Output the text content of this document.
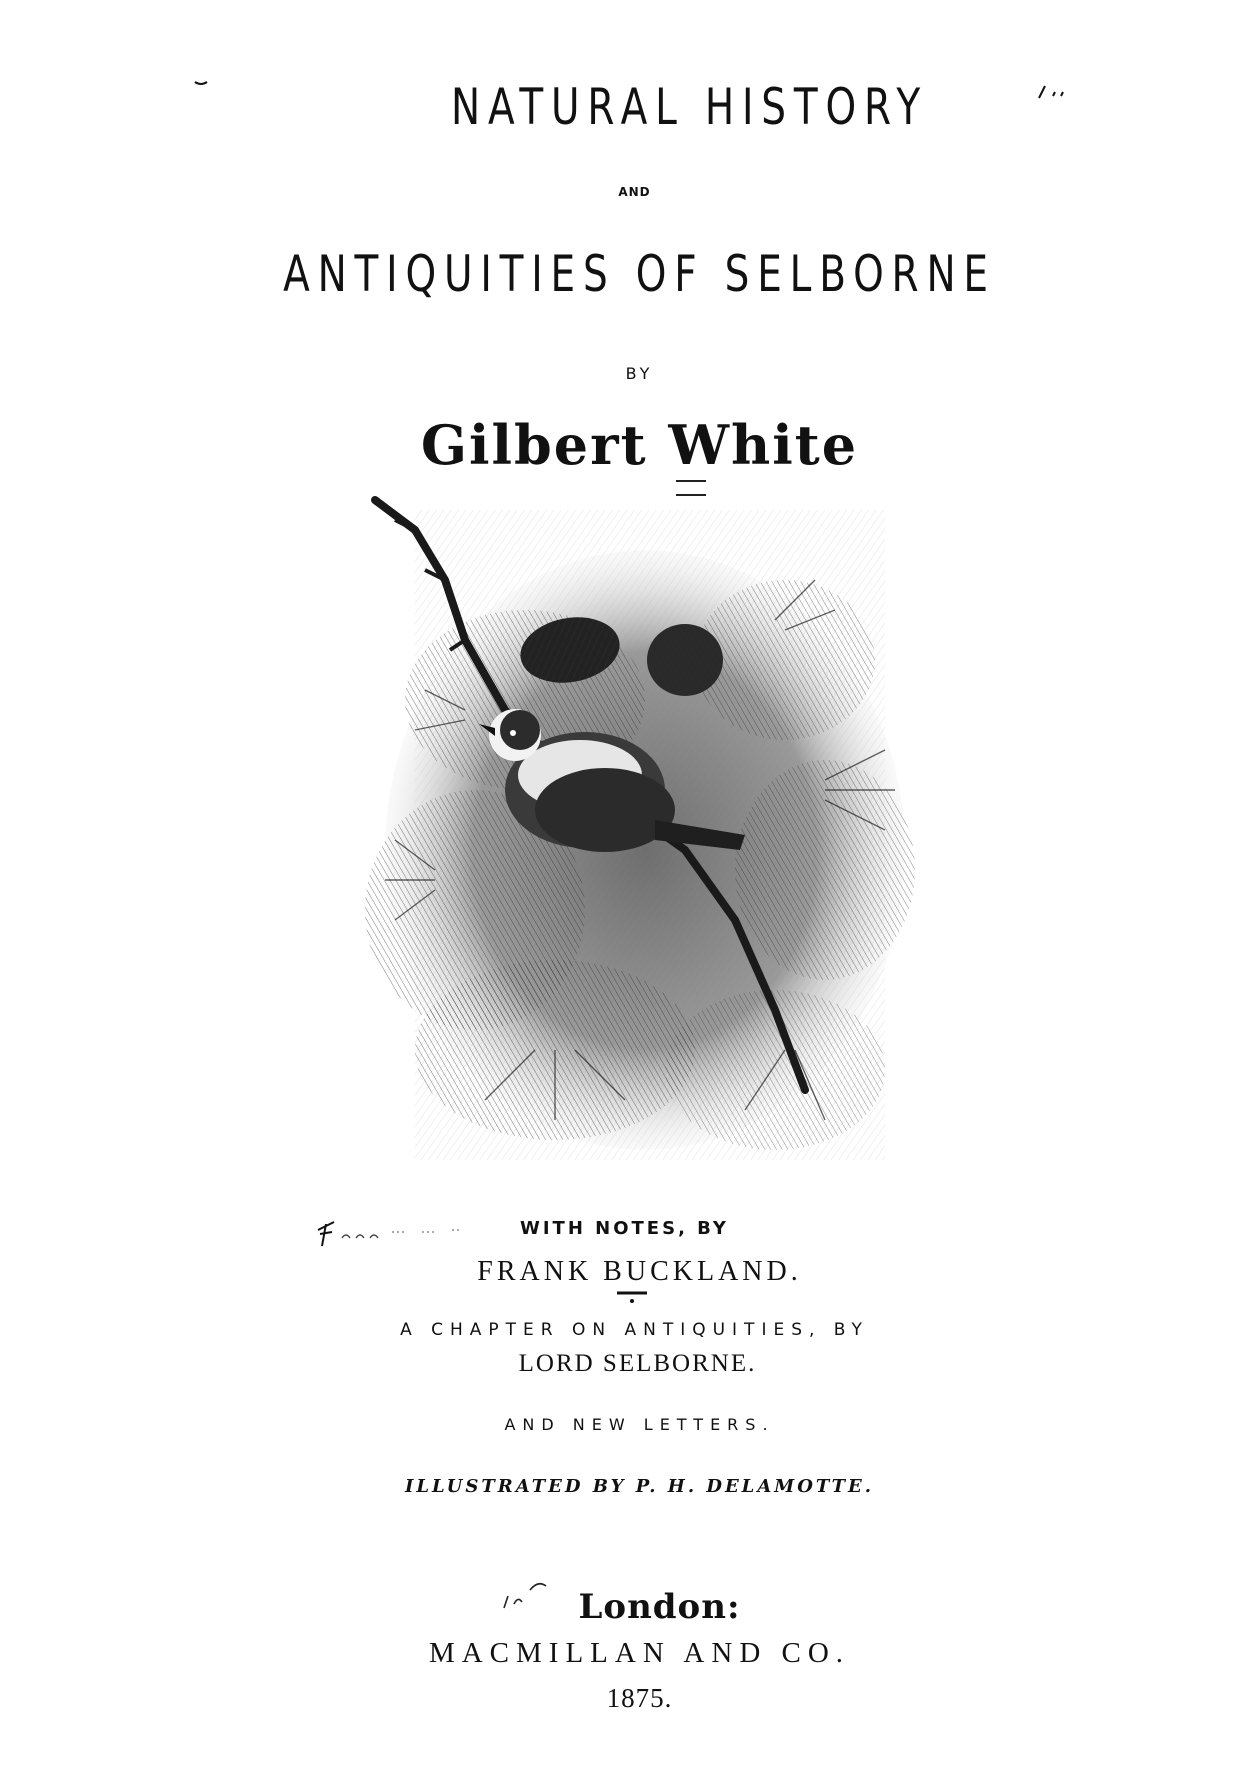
NATURAL HISTORY
AND
ANTIQUITIES OF SELBORNE
BY
Gilbert White
WITH NOTES, BY
FRANK BUCKLAND.
A CHAPTER ON ANTIQUITIES, BY
LORD SELBORNE.
AND NEW LETTERS.
ILLUSTRATED BY P. H. DELAMOTTE.
London:
MACMILLAN AND CO.
1875.
